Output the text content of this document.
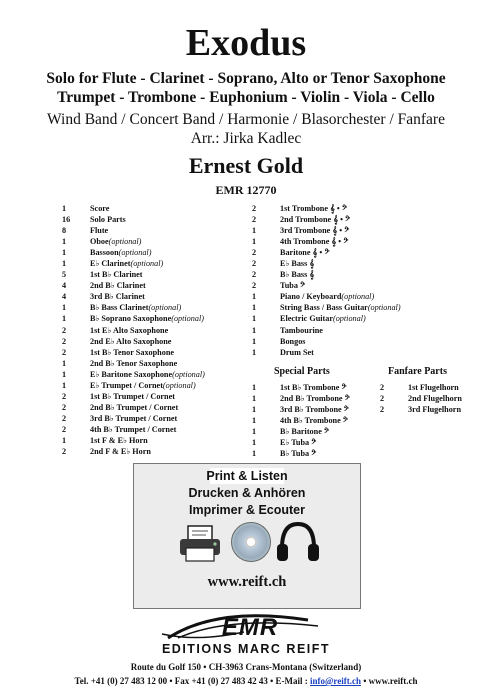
Exodus
Solo for Flute - Clarinet - Soprano, Alto or Tenor Saxophone
Trumpet - Trombone - Euphonium - Violin - Viola - Cello
Wind Band / Concert Band / Harmonie / Blasorchester / Fanfare
Arr.: Jirka Kadlec
Ernest Gold
EMR 12770
1	Score
16	Solo Parts
8	Flute
1	Oboe (optional)
1	Bassoon (optional)
1	E♭ Clarinet (optional)
5	1st B♭ Clarinet
4	2nd B♭ Clarinet
4	3rd B♭ Clarinet
1	B♭ Bass Clarinet (optional)
1	B♭ Soprano Saxophone (optional)
2	1st E♭ Alto Saxophone
2	2nd E♭ Alto Saxophone
2	1st B♭ Tenor Saxophone
1	2nd B♭ Tenor Saxophone
1	E♭ Baritone Saxophone (optional)
1	E♭ Trumpet / Cornet (optional)
2	1st B♭ Trumpet / Cornet
2	2nd B♭ Trumpet / Cornet
2	3rd B♭ Trumpet / Cornet
2	4th B♭ Trumpet / Cornet
1	1st F & E♭ Horn
2	2nd F & E♭ Horn
2	1st Trombone 𝄞 • 𝄢
2	2nd Trombone 𝄞 • 𝄢
1	3rd Trombone 𝄞 • 𝄢
1	4th Trombone 𝄞 • 𝄢
2	Baritone 𝄞 • 𝄢
2	E♭ Bass 𝄞
2	B♭ Bass 𝄞
2	Tuba 𝄢
1	Piano / Keyboard (optional)
1	String Bass / Bass Guitar (optional)
1	Electric Guitar (optional)
1	Tambourine
1	Bongos
1	Drum Set
Special Parts	Fanfare Parts
1	1st B♭ Trombone 𝄢
1	2nd B♭ Trombone 𝄢
1	3rd B♭ Trombone 𝄢
1	4th B♭ Trombone 𝄢
1	B♭ Baritone 𝄢
1	E♭ Tuba 𝄢
1	B♭ Tuba 𝄢
2	1st Flugelhorn
2	2nd Flugelhorn
2	3rd Flugelhorn
Print & Listen
Drucken & Anhören
Imprimer & Ecouter
www.reift.ch
EMR
EDITIONS MARC REIFT
Route du Golf 150 • CH-3963 Crans-Montana (Switzerland)
Tel. +41 (0) 27 483 12 00 • Fax +41 (0) 27 483 42 43 • E-Mail : info@reift.ch • www.reift.ch
